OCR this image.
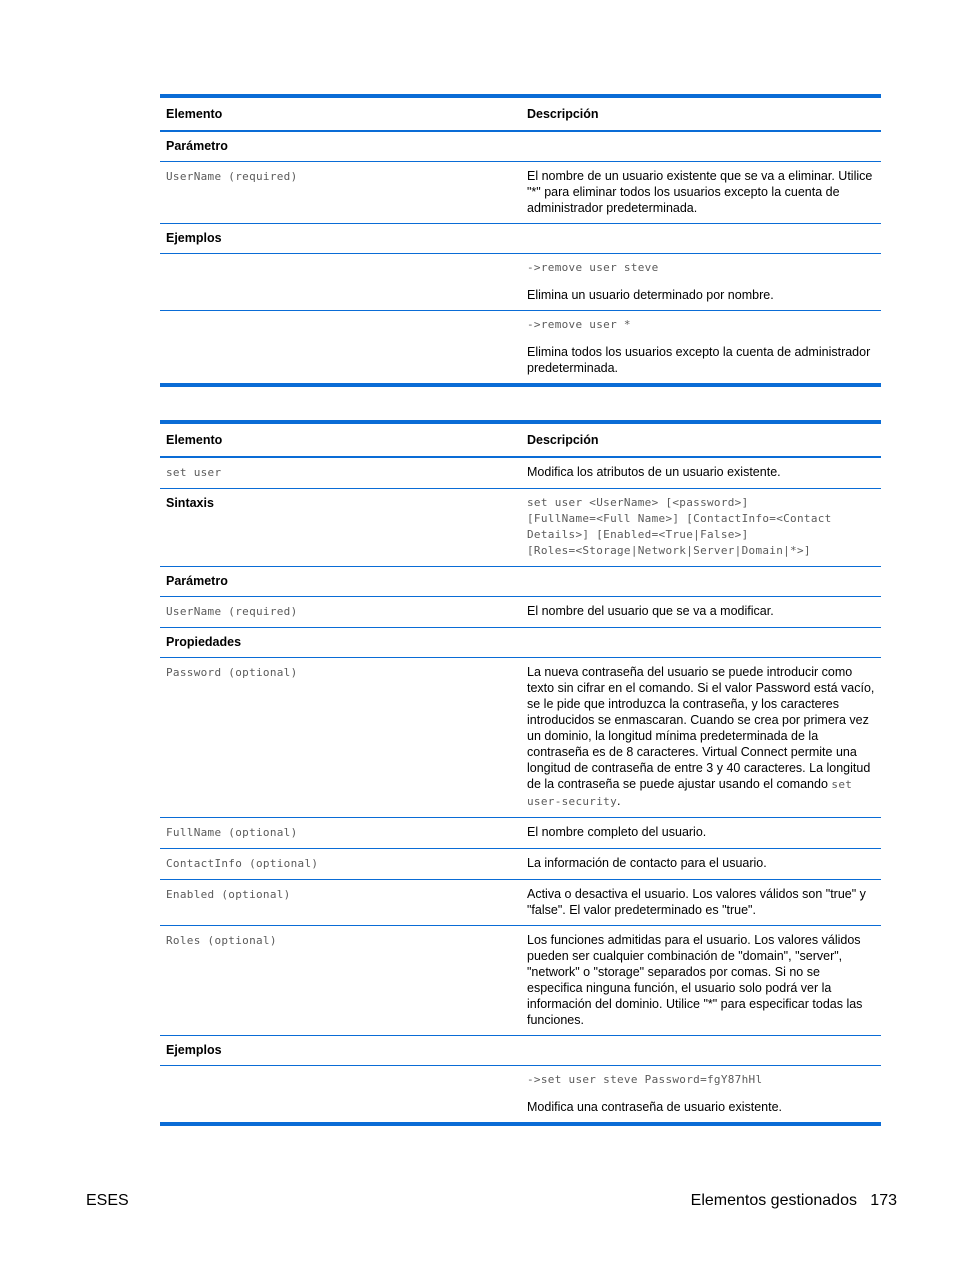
Elemento	Descripción
Parámetro	
UserName (required)	El nombre de un usuario existente que se va a eliminar. Utilice "*" para eliminar todos los usuarios excepto la cuenta de administrador predeterminada.
Ejemplos	

	->remove user steve
Elimina un usuario determinado por nombre.

	->remove user *
Elimina todos los usuarios excepto la cuenta de administrador predeterminada.
Elemento	Descripción
set user	Modifica los atributos de un usuario existente.
Sintaxis	set user <UserName> [<password>]
[FullName=<Full Name>] [ContactInfo=<Contact
Details>] [Enabled=<True|False>]
[Roles=<Storage|Network|Server|Domain|*>]

Parámetro	
UserName (required)	El nombre del usuario que se va a modificar.
Propiedades	
Password (optional)	La nueva contraseña del usuario se puede introducir como texto sin cifrar en el comando. Si el valor Password está vacío, se le pide que introduzca la contraseña, y los caracteres introducidos se enmascaran. Cuando se crea por primera vez un dominio, la longitud mínima predeterminada de la contraseña es de 8 caracteres. Virtual Connect permite una longitud de contraseña de entre 3 y 40 caracteres. La longitud de la contraseña se puede ajustar usando el comando set user-security.
FullName (optional)	El nombre completo del usuario.
ContactInfo (optional)	La información de contacto para el usuario.
Enabled (optional)	Activa o desactiva el usuario. Los valores válidos son "true" y "false". El valor predeterminado es "true".
Roles (optional)	Los funciones admitidas para el usuario. Los valores válidos pueden ser cualquier combinación de "domain", "server", "network" o "storage" separados por comas. Si no se especifica ninguna función, el usuario solo podrá ver la información del dominio. Utilice "*" para especificar todas las funciones.
Ejemplos	

	->set user steve Password=fgY87hHl
Modifica una contraseña de usuario existente.
ESES	Elementos gestionados   173
